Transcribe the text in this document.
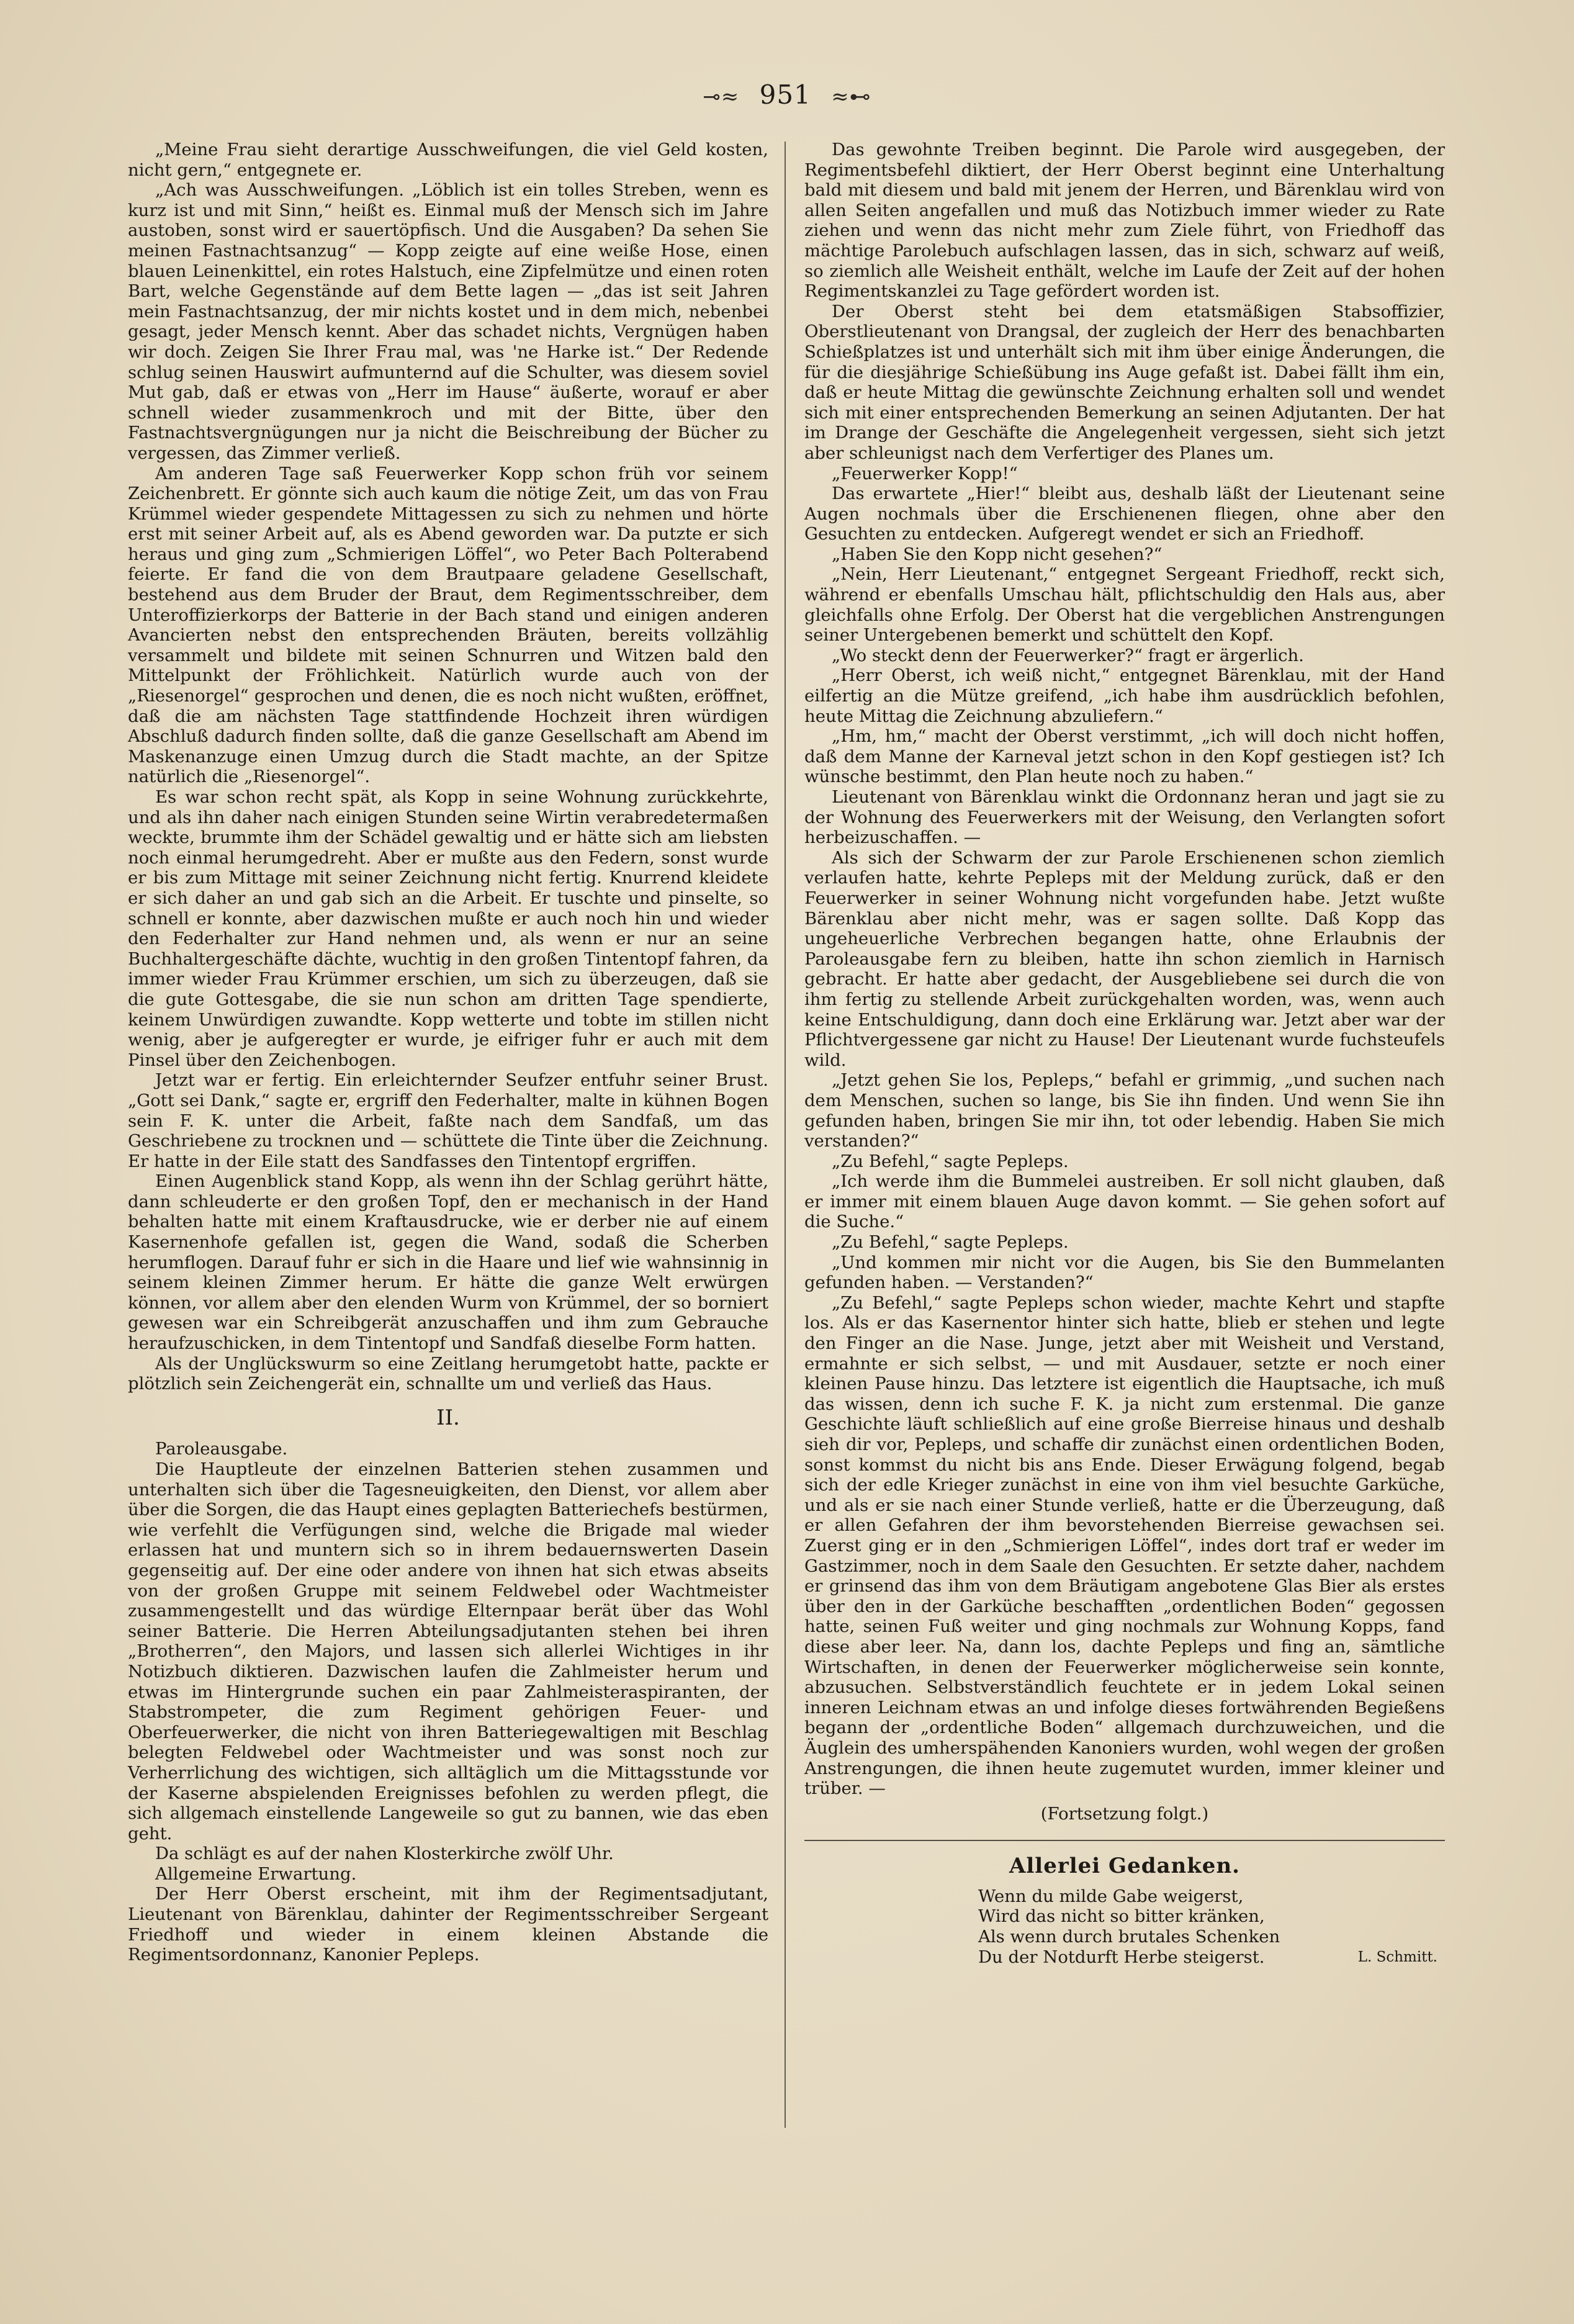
⊸≈ 951 ≈⊷

„Meine Frau sieht derartige Ausschweifungen, die viel Geld kosten, nicht gern,“ entgegnete er.

„Ach was Ausschweifungen. „Löblich ist ein tolles Streben, wenn es kurz ist und mit Sinn,“ heißt es. Einmal muß der Mensch sich im Jahre austoben, sonst wird er sauertöpfisch. Und die Ausgaben? Da sehen Sie meinen Fastnachtsanzug“ — Kopp zeigte auf eine weiße Hose, einen blauen Leinenkittel, ein rotes Halstuch, eine Zipfelmütze und einen roten Bart, welche Gegenstände auf dem Bette lagen — „das ist seit Jahren mein Fastnachtsanzug, der mir nichts kostet und in dem mich, nebenbei gesagt, jeder Mensch kennt. Aber das schadet nichts, Vergnügen haben wir doch. Zeigen Sie Ihrer Frau mal, was 'ne Harke ist.“ Der Redende schlug seinen Hauswirt aufmunternd auf die Schulter, was diesem soviel Mut gab, daß er etwas von „Herr im Hause“ äußerte, worauf er aber schnell wieder zusammenkroch und mit der Bitte, über den Fastnachtsvergnügungen nur ja nicht die Beischreibung der Bücher zu vergessen, das Zimmer verließ.

Am anderen Tage saß Feuerwerker Kopp schon früh vor seinem Zeichenbrett. Er gönnte sich auch kaum die nötige Zeit, um das von Frau Krümmel wieder gespendete Mittagessen zu sich zu nehmen und hörte erst mit seiner Arbeit auf, als es Abend geworden war. Da putzte er sich heraus und ging zum „Schmierigen Löffel“, wo Peter Bach Polterabend feierte. Er fand die von dem Brautpaare geladene Gesellschaft, bestehend aus dem Bruder der Braut, dem Regimentsschreiber, dem Unteroffizierkorps der Batterie in der Bach stand und einigen anderen Avancierten nebst den entsprechenden Bräuten, bereits vollzählig versammelt und bildete mit seinen Schnurren und Witzen bald den Mittelpunkt der Fröhlichkeit. Natürlich wurde auch von der „Riesenorgel“ gesprochen und denen, die es noch nicht wußten, eröffnet, daß die am nächsten Tage stattfindende Hochzeit ihren würdigen Abschluß dadurch finden sollte, daß die ganze Gesellschaft am Abend im Maskenanzuge einen Umzug durch die Stadt machte, an der Spitze natürlich die „Riesenorgel“.

Es war schon recht spät, als Kopp in seine Wohnung zurückkehrte, und als ihn daher nach einigen Stunden seine Wirtin verabredetermaßen weckte, brummte ihm der Schädel gewaltig und er hätte sich am liebsten noch einmal herumgedreht. Aber er mußte aus den Federn, sonst wurde er bis zum Mittage mit seiner Zeichnung nicht fertig. Knurrend kleidete er sich daher an und gab sich an die Arbeit. Er tuschte und pinselte, so schnell er konnte, aber dazwischen mußte er auch noch hin und wieder den Federhalter zur Hand nehmen und, als wenn er nur an seine Buchhaltergeschäfte dächte, wuchtig in den großen Tintentopf fahren, da immer wieder Frau Krümmer erschien, um sich zu überzeugen, daß sie die gute Gottesgabe, die sie nun schon am dritten Tage spendierte, keinem Unwürdigen zuwandte. Kopp wetterte und tobte im stillen nicht wenig, aber je aufgeregter er wurde, je eifriger fuhr er auch mit dem Pinsel über den Zeichenbogen.

Jetzt war er fertig. Ein erleichternder Seufzer entfuhr seiner Brust. „Gott sei Dank,“ sagte er, ergriff den Federhalter, malte in kühnen Bogen sein F. K. unter die Arbeit, faßte nach dem Sandfaß, um das Geschriebene zu trocknen und — schüttete die Tinte über die Zeichnung. Er hatte in der Eile statt des Sandfasses den Tintentopf ergriffen.

Einen Augenblick stand Kopp, als wenn ihn der Schlag gerührt hätte, dann schleuderte er den großen Topf, den er mechanisch in der Hand behalten hatte mit einem Kraftausdrucke, wie er derber nie auf einem Kasernenhofe gefallen ist, gegen die Wand, sodaß die Scherben herumflogen. Darauf fuhr er sich in die Haare und lief wie wahnsinnig in seinem kleinen Zimmer herum. Er hätte die ganze Welt erwürgen können, vor allem aber den elenden Wurm von Krümmel, der so borniert gewesen war ein Schreibgerät anzuschaffen und ihm zum Gebrauche heraufzuschicken, in dem Tintentopf und Sandfaß dieselbe Form hatten.

Als der Unglückswurm so eine Zeitlang herumgetobt hatte, packte er plötzlich sein Zeichengerät ein, schnallte um und verließ das Haus.

II.

Paroleausgabe.

Die Hauptleute der einzelnen Batterien stehen zusammen und unterhalten sich über die Tagesneuigkeiten, den Dienst, vor allem aber über die Sorgen, die das Haupt eines geplagten Batteriechefs bestürmen, wie verfehlt die Verfügungen sind, welche die Brigade mal wieder erlassen hat und muntern sich so in ihrem bedauernswerten Dasein gegenseitig auf. Der eine oder andere von ihnen hat sich etwas abseits von der großen Gruppe mit seinem Feldwebel oder Wachtmeister zusammengestellt und das würdige Elternpaar berät über das Wohl seiner Batterie. Die Herren Abteilungsadjutanten stehen bei ihren „Brotherren“, den Majors, und lassen sich allerlei Wichtiges in ihr Notizbuch diktieren. Dazwischen laufen die Zahlmeister herum und etwas im Hintergrunde suchen ein paar Zahlmeisteraspiranten, der Stabstrompeter, die zum Regiment gehörigen Feuer- und Oberfeuerwerker, die nicht von ihren Batteriegewaltigen mit Beschlag belegten Feldwebel oder Wachtmeister und was sonst noch zur Verherrlichung des wichtigen, sich alltäglich um die Mittagsstunde vor der Kaserne abspielenden Ereignisses befohlen zu werden pflegt, die sich allgemach einstellende Langeweile so gut zu bannen, wie das eben geht.

Da schlägt es auf der nahen Klosterkirche zwölf Uhr.

Allgemeine Erwartung.

Der Herr Oberst erscheint, mit ihm der Regimentsadjutant, Lieutenant von Bärenklau, dahinter der Regimentsschreiber Sergeant Friedhoff und wieder in einem kleinen Abstande die Regimentsordonnanz, Kanonier Pepleps.

Das gewohnte Treiben beginnt. Die Parole wird ausgegeben, der Regimentsbefehl diktiert, der Herr Oberst beginnt eine Unterhaltung bald mit diesem und bald mit jenem der Herren, und Bärenklau wird von allen Seiten angefallen und muß das Notizbuch immer wieder zu Rate ziehen und wenn das nicht mehr zum Ziele führt, von Friedhoff das mächtige Parolebuch aufschlagen lassen, das in sich, schwarz auf weiß, so ziemlich alle Weisheit enthält, welche im Laufe der Zeit auf der hohen Regimentskanzlei zu Tage gefördert worden ist.

Der Oberst steht bei dem etatsmäßigen Stabsoffizier, Oberstlieutenant von Drangsal, der zugleich der Herr des benachbarten Schießplatzes ist und unterhält sich mit ihm über einige Änderungen, die für die diesjährige Schießübung ins Auge gefaßt ist. Dabei fällt ihm ein, daß er heute Mittag die gewünschte Zeichnung erhalten soll und wendet sich mit einer entsprechenden Bemerkung an seinen Adjutanten. Der hat im Drange der Geschäfte die Angelegenheit vergessen, sieht sich jetzt aber schleunigst nach dem Verfertiger des Planes um.

„Feuerwerker Kopp!“

Das erwartete „Hier!“ bleibt aus, deshalb läßt der Lieutenant seine Augen nochmals über die Erschienenen fliegen, ohne aber den Gesuchten zu entdecken. Aufgeregt wendet er sich an Friedhoff.

„Haben Sie den Kopp nicht gesehen?“

„Nein, Herr Lieutenant,“ entgegnet Sergeant Friedhoff, reckt sich, während er ebenfalls Umschau hält, pflichtschuldig den Hals aus, aber gleichfalls ohne Erfolg. Der Oberst hat die vergeblichen Anstrengungen seiner Untergebenen bemerkt und schüttelt den Kopf.

„Wo steckt denn der Feuerwerker?“ fragt er ärgerlich.

„Herr Oberst, ich weiß nicht,“ entgegnet Bärenklau, mit der Hand eilfertig an die Mütze greifend, „ich habe ihm ausdrücklich befohlen, heute Mittag die Zeichnung abzuliefern.“

„Hm, hm,“ macht der Oberst verstimmt, „ich will doch nicht hoffen, daß dem Manne der Karneval jetzt schon in den Kopf gestiegen ist? Ich wünsche bestimmt, den Plan heute noch zu haben.“

Lieutenant von Bärenklau winkt die Ordonnanz heran und jagt sie zu der Wohnung des Feuerwerkers mit der Weisung, den Verlangten sofort herbeizuschaffen. —

Als sich der Schwarm der zur Parole Erschienenen schon ziemlich verlaufen hatte, kehrte Pepleps mit der Meldung zurück, daß er den Feuerwerker in seiner Wohnung nicht vorgefunden habe. Jetzt wußte Bärenklau aber nicht mehr, was er sagen sollte. Daß Kopp das ungeheuerliche Verbrechen begangen hatte, ohne Erlaubnis der Paroleausgabe fern zu bleiben, hatte ihn schon ziemlich in Harnisch gebracht. Er hatte aber gedacht, der Ausgebliebene sei durch die von ihm fertig zu stellende Arbeit zurückgehalten worden, was, wenn auch keine Entschuldigung, dann doch eine Erklärung war. Jetzt aber war der Pflichtvergessene gar nicht zu Hause! Der Lieutenant wurde fuchsteufels wild.

„Jetzt gehen Sie los, Pepleps,“ befahl er grimmig, „und suchen nach dem Menschen, suchen so lange, bis Sie ihn finden. Und wenn Sie ihn gefunden haben, bringen Sie mir ihn, tot oder lebendig. Haben Sie mich verstanden?“

„Zu Befehl,“ sagte Pepleps.

„Ich werde ihm die Bummelei austreiben. Er soll nicht glauben, daß er immer mit einem blauen Auge davon kommt. — Sie gehen sofort auf die Suche.“

„Zu Befehl,“ sagte Pepleps.

„Und kommen mir nicht vor die Augen, bis Sie den Bummelanten gefunden haben. — Verstanden?“

„Zu Befehl,“ sagte Pepleps schon wieder, machte Kehrt und stapfte los. Als er das Kasernentor hinter sich hatte, blieb er stehen und legte den Finger an die Nase. Junge, jetzt aber mit Weisheit und Verstand, ermahnte er sich selbst, — und mit Ausdauer, setzte er noch einer kleinen Pause hinzu. Das letztere ist eigentlich die Hauptsache, ich muß das wissen, denn ich suche F. K. ja nicht zum erstenmal. Die ganze Geschichte läuft schließlich auf eine große Bierreise hinaus und deshalb sieh dir vor, Pepleps, und schaffe dir zunächst einen ordentlichen Boden, sonst kommst du nicht bis ans Ende. Dieser Erwägung folgend, begab sich der edle Krieger zunächst in eine von ihm viel besuchte Garküche, und als er sie nach einer Stunde verließ, hatte er die Überzeugung, daß er allen Gefahren der ihm bevorstehenden Bierreise gewachsen sei. Zuerst ging er in den „Schmierigen Löffel“, indes dort traf er weder im Gastzimmer, noch in dem Saale den Gesuchten. Er setzte daher, nachdem er grinsend das ihm von dem Bräutigam angebotene Glas Bier als erstes über den in der Garküche beschafften „ordentlichen Boden“ gegossen hatte, seinen Fuß weiter und ging nochmals zur Wohnung Kopps, fand diese aber leer. Na, dann los, dachte Pepleps und fing an, sämtliche Wirtschaften, in denen der Feuerwerker möglicherweise sein konnte, abzusuchen. Selbstverständlich feuchtete er in jedem Lokal seinen inneren Leichnam etwas an und infolge dieses fortwährenden Begießens begann der „ordentliche Boden“ allgemach durchzuweichen, und die Äuglein des umherspähenden Kanoniers wurden, wohl wegen der großen Anstrengungen, die ihnen heute zugemutet wurden, immer kleiner und trüber. —

(Fortsetzung folgt.)
Allerlei Gedanken.
Wenn du milde Gabe weigerst,
Wird das nicht so bitter kränken,
Als wenn durch brutales Schenken
Du der Notdurft Herbe steigerst.	L. Schmitt.
